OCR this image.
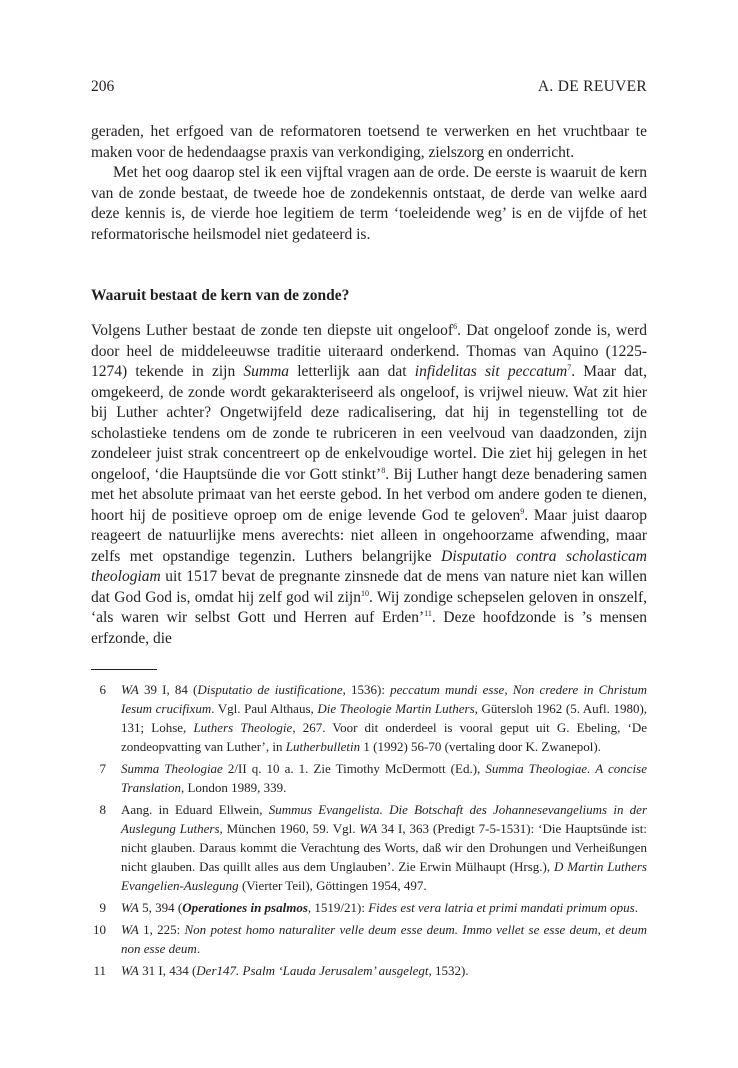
206	A. DE REUVER

geraden, het erfgoed van de reformatoren toetsend te verwerken en het vruchtbaar te maken voor de hedendaagse praxis van verkondiging, zielszorg en onderricht.

Met het oog daarop stel ik een vijftal vragen aan de orde. De eerste is waaruit de kern van de zonde bestaat, de tweede hoe de zondekennis ontstaat, de derde van welke aard deze kennis is, de vierde hoe legitiem de term ‘toeleidende weg’ is en de vijfde of het reformatorische heilsmodel niet gedateerd is.

Waaruit bestaat de kern van de zonde?

Volgens Luther bestaat de zonde ten diepste uit ongeloof$^6$. Dat ongeloof zonde is, werd door heel de middeleeuwse traditie uiteraard onderkend. Thomas van Aquino (1225-1274) tekende in zijn Summa letterlijk aan dat infidelitas sit peccatum$^7$. Maar dat, omgekeerd, de zonde wordt gekarakteriseerd als ongeloof, is vrijwel nieuw. Wat zit hier bij Luther achter? Ongetwijfeld deze radicalisering, dat hij in tegenstelling tot de scholastieke tendens om de zonde te rubriceren in een veelvoud van daadzonden, zijn zondeleer juist strak concentreert op de enkelvoudige wortel. Die ziet hij gelegen in het ongeloof, ‘die Hauptsünde die vor Gott stinkt’$^8$. Bij Luther hangt deze benadering samen met het absolute primaat van het eerste gebod. In het verbod om andere goden te dienen, hoort hij de positieve oproep om de enige levende God te geloven$^9$. Maar juist daarop reageert de natuurlijke mens averechts: niet alleen in ongehoorzame afwending, maar zelfs met opstandige tegenzin. Luthers belangrijke Disputatio contra scholasticam theologiam uit 1517 bevat de pregnante zinsnede dat de mens van nature niet kan willen dat God God is, omdat hij zelf god wil zijn$^{10}$. Wij zondige schepselen geloven in onszelf, ‘als waren wir selbst Gott und Herren auf Erden’$^{11}$. Deze hoofdzonde is ’s mensen erfzonde, die

6 WA 39 I, 84 (Disputatio de iustificatione, 1536): peccatum mundi esse, Non credere in Christum Iesum crucifixum. Vgl. Paul Althaus, Die Theologie Martin Luthers, Gütersloh 1962 (5. Aufl. 1980), 131; Lohse, Luthers Theologie, 267. Voor dit onderdeel is vooral geput uit G. Ebeling, ‘De zondeopvatting van Luther’, in Lutherbulletin 1 (1992) 56-70 (vertaling door K. Zwanepol).
7 Summa Theologiae 2/II q. 10 a. 1. Zie Timothy McDermott (Ed.), Summa Theologiae. A concise Translation, London 1989, 339.
8 Aang. in Eduard Ellwein, Summus Evangelista. Die Botschaft des Johannesevangeliums in der Auslegung Luthers, München 1960, 59. Vgl. WA 34 I, 363 (Predigt 7-5-1531): ‘Die Hauptsünde ist: nicht glauben. Daraus kommt die Verachtung des Worts, daß wir den Drohungen und Verheißungen nicht glauben. Das quillt alles aus dem Unglauben’. Zie Erwin Mülhaupt (Hrsg.), D Martin Luthers Evangelien-Auslegung (Vierter Teil), Göttingen 1954, 497.
9 WA 5, 394 (Operationes in psalmos, 1519/21): Fides est vera latria et primi mandati primum opus.
10 WA 1, 225: Non potest homo naturaliter velle deum esse deum. Immo vellet se esse deum, et deum non esse deum.
11 WA 31 I, 434 (Der147. Psalm ‘Lauda Jerusalem’ ausgelegt, 1532).
